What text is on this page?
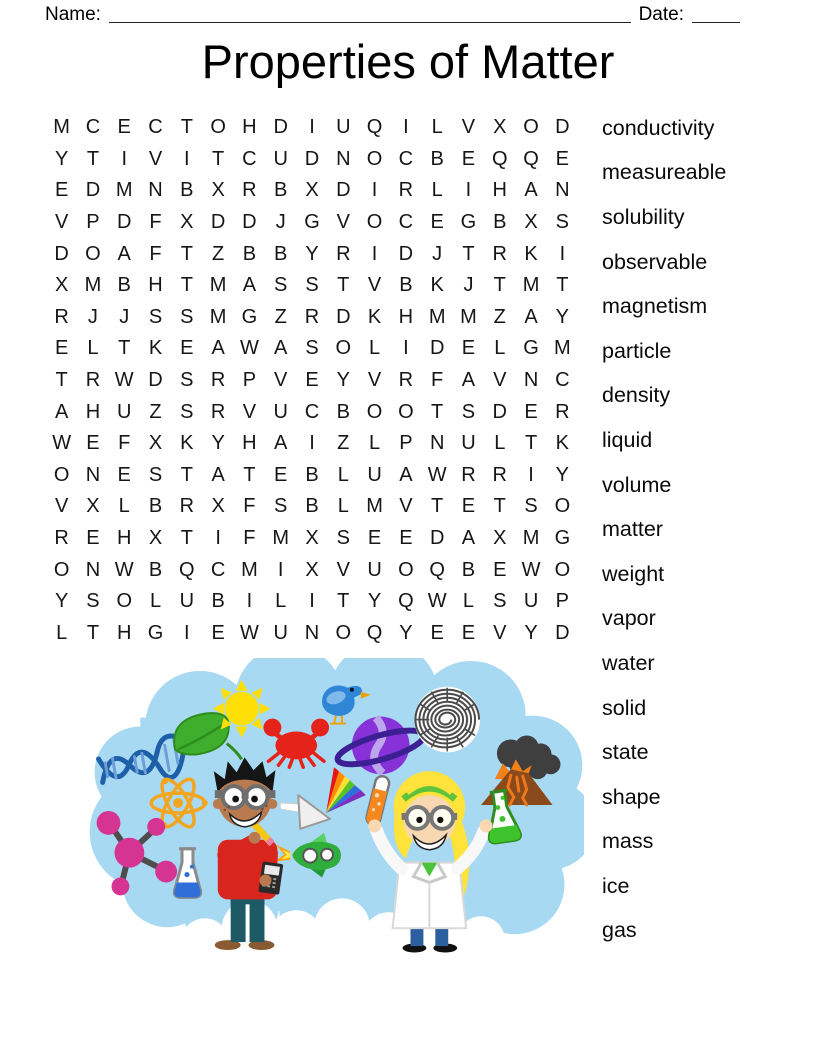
Name:	Date:
Properties of Matter
M C E C T O H D	I	U Q	I	L V X O D
Y T	I	V	I	T C U D N O C B E Q Q E
E D M N B X R B X D	I	R L	I	H A N
V P D F X D D J G V O C E G B X S
D O A F T Z B B Y R	I	D J	T R K	I
X M B H T M A S S T V B K J	T M T
R J	J S S M G Z R D K H M M Z A Y
E L T K E A W A S O L	I	D E L G M
T R W D S R P V E Y V R F A V N C
A H U Z S R V U C B O O T S D E R
W E F X K Y H A	I	Z L P N U L T K
O N E S T A T E B L U A W R R	I	Y
V X L B R X F S B L M V T E T S O
R E H X T	I	F M X S E E D A X M G
O N W B Q C M	I	X V U O Q B E W O
Y S O L U B	I	L	I	T Y Q W L S U P
L T H G	I	E W U N O Q Y E E V Y D
conductivity
measureable
solubility
observable
magnetism
particle
density
liquid
volume
matter
weight
vapor
water
solid
state
shape
mass
ice
gas
